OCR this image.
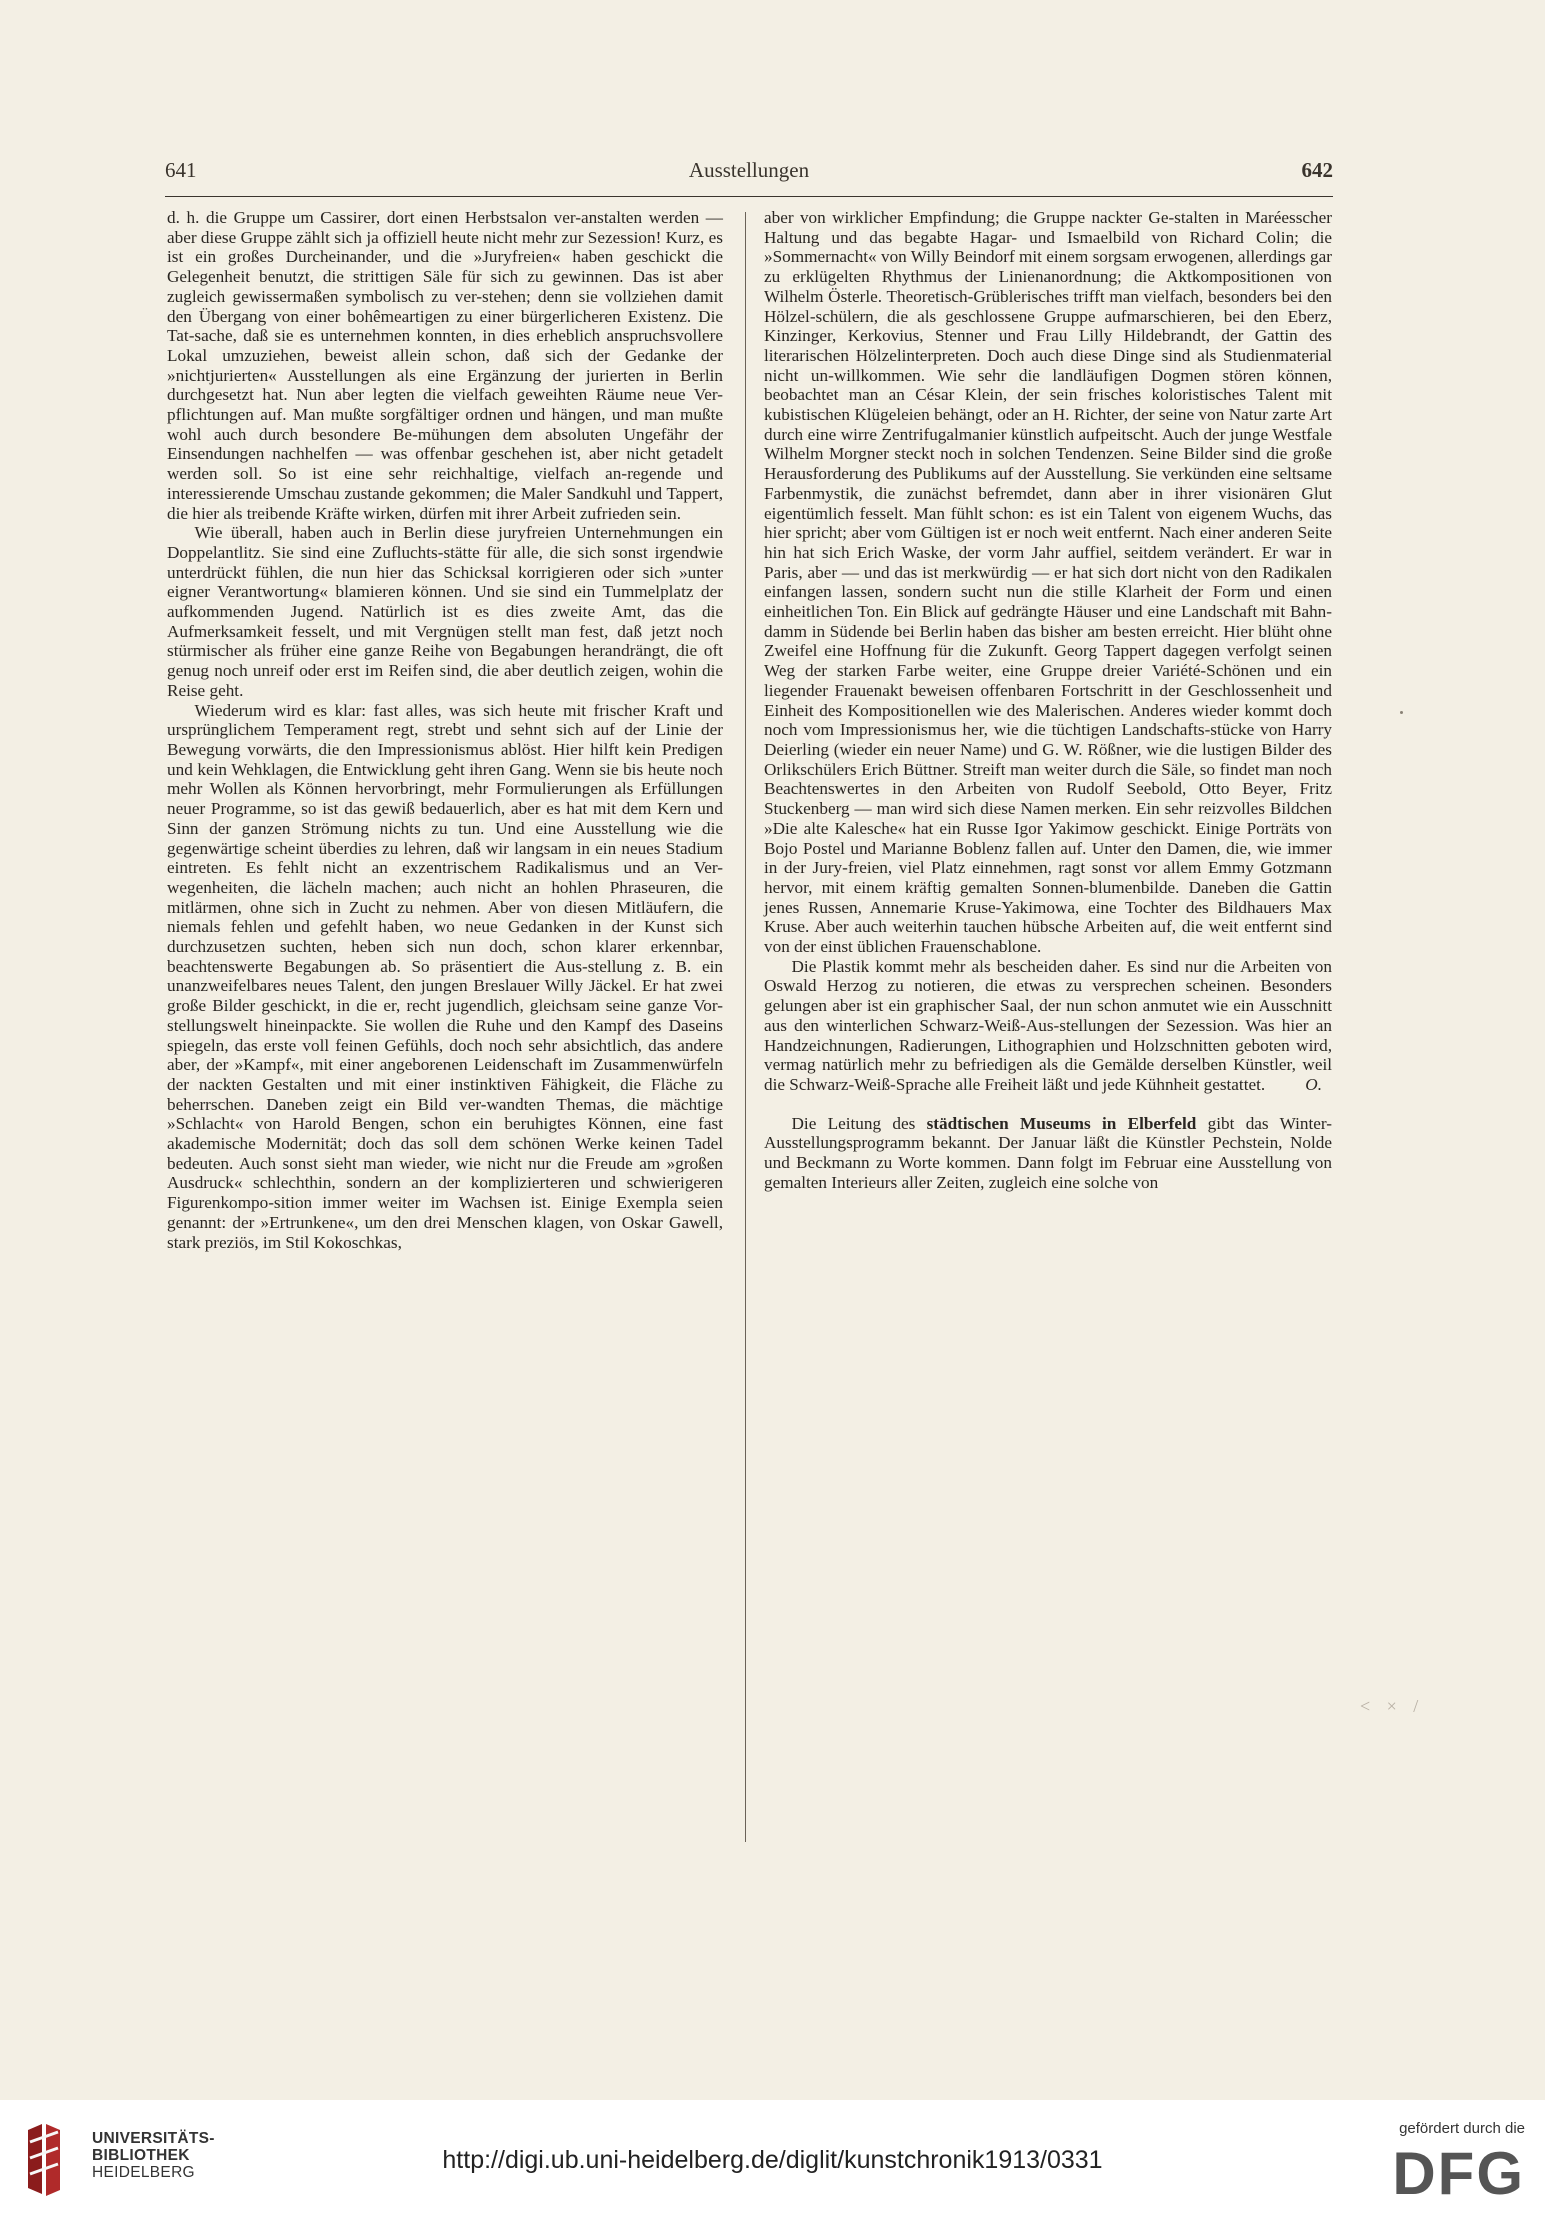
641	Ausstellungen	642

d. h. die Gruppe um Cassirer, dort einen Herbstsalon ver-anstalten werden — aber diese Gruppe zählt sich ja offiziell heute nicht mehr zur Sezession! Kurz, es ist ein großes Durcheinander, und die »Juryfreien« haben geschickt die Gelegenheit benutzt, die strittigen Säle für sich zu gewinnen. Das ist aber zugleich gewissermaßen symbolisch zu ver-stehen; denn sie vollziehen damit den Übergang von einer bohêmeartigen zu einer bürgerlicheren Existenz. Die Tat-sache, daß sie es unternehmen konnten, in dies erheblich anspruchsvollere Lokal umzuziehen, beweist allein schon, daß sich der Gedanke der »nichtjurierten« Ausstellungen als eine Ergänzung der jurierten in Berlin durchgesetzt hat. Nun aber legten die vielfach geweihten Räume neue Ver-pflichtungen auf. Man mußte sorgfältiger ordnen und hängen, und man mußte wohl auch durch besondere Be-mühungen dem absoluten Ungefähr der Einsendungen nachhelfen — was offenbar geschehen ist, aber nicht getadelt werden soll. So ist eine sehr reichhaltige, vielfach an-regende und interessierende Umschau zustande gekommen; die Maler Sandkuhl und Tappert, die hier als treibende Kräfte wirken, dürfen mit ihrer Arbeit zufrieden sein.

Wie überall, haben auch in Berlin diese juryfreien Unternehmungen ein Doppelantlitz. Sie sind eine Zufluchts-stätte für alle, die sich sonst irgendwie unterdrückt fühlen, die nun hier das Schicksal korrigieren oder sich »unter eigner Verantwortung« blamieren können. Und sie sind ein Tummelplatz der aufkommenden Jugend. Natürlich ist es dies zweite Amt, das die Aufmerksamkeit fesselt, und mit Vergnügen stellt man fest, daß jetzt noch stürmischer als früher eine ganze Reihe von Begabungen herandrängt, die oft genug noch unreif oder erst im Reifen sind, die aber deutlich zeigen, wohin die Reise geht.

Wiederum wird es klar: fast alles, was sich heute mit frischer Kraft und ursprünglichem Temperament regt, strebt und sehnt sich auf der Linie der Bewegung vorwärts, die den Impressionismus ablöst. Hier hilft kein Predigen und kein Wehklagen, die Entwicklung geht ihren Gang. Wenn sie bis heute noch mehr Wollen als Können hervorbringt, mehr Formulierungen als Erfüllungen neuer Programme, so ist das gewiß bedauerlich, aber es hat mit dem Kern und Sinn der ganzen Strömung nichts zu tun. Und eine Ausstellung wie die gegenwärtige scheint überdies zu lehren, daß wir langsam in ein neues Stadium eintreten. Es fehlt nicht an exzentrischem Radikalismus und an Ver-wegenheiten, die lächeln machen; auch nicht an hohlen Phraseuren, die mitlärmen, ohne sich in Zucht zu nehmen. Aber von diesen Mitläufern, die niemals fehlen und gefehlt haben, wo neue Gedanken in der Kunst sich durchzusetzen suchten, heben sich nun doch, schon klarer erkennbar, beachtenswerte Begabungen ab. So präsentiert die Aus-stellung z. B. ein unanzweifelbares neues Talent, den jungen Breslauer Willy Jäckel. Er hat zwei große Bilder geschickt, in die er, recht jugendlich, gleichsam seine ganze Vor-stellungswelt hineinpackte. Sie wollen die Ruhe und den Kampf des Daseins spiegeln, das erste voll feinen Gefühls, doch noch sehr absichtlich, das andere aber, der »Kampf«, mit einer angeborenen Leidenschaft im Zusammenwürfeln der nackten Gestalten und mit einer instinktiven Fähigkeit, die Fläche zu beherrschen. Daneben zeigt ein Bild ver-wandten Themas, die mächtige »Schlacht« von Harold Bengen, schon ein beruhigtes Können, eine fast akademische Modernität; doch das soll dem schönen Werke keinen Tadel bedeuten. Auch sonst sieht man wieder, wie nicht nur die Freude am »großen Ausdruck« schlechthin, sondern an der komplizierteren und schwierigeren Figurenkompo-sition immer weiter im Wachsen ist. Einige Exempla seien genannt: der »Ertrunkene«, um den drei Menschen klagen, von Oskar Gawell, stark preziös, im Stil Kokoschkas,

aber von wirklicher Empfindung; die Gruppe nackter Ge-stalten in Maréesscher Haltung und das begabte Hagar- und Ismaelbild von Richard Colin; die »Sommernacht« von Willy Beindorf mit einem sorgsam erwogenen, allerdings gar zu erklügelten Rhythmus der Linienanordnung; die Aktkompositionen von Wilhelm Österle. Theoretisch-Grüblerisches trifft man vielfach, besonders bei den Hölzel-schülern, die als geschlossene Gruppe aufmarschieren, bei den Eberz, Kinzinger, Kerkovius, Stenner und Frau Lilly Hildebrandt, der Gattin des literarischen Hölzelinterpreten. Doch auch diese Dinge sind als Studienmaterial nicht un-willkommen. Wie sehr die landläufigen Dogmen stören können, beobachtet man an César Klein, der sein frisches koloristisches Talent mit kubistischen Klügeleien behängt, oder an H. Richter, der seine von Natur zarte Art durch eine wirre Zentrifugalmanier künstlich aufpeitscht. Auch der junge Westfale Wilhelm Morgner steckt noch in solchen Tendenzen. Seine Bilder sind die große Herausforderung des Publikums auf der Ausstellung. Sie verkünden eine seltsame Farbenmystik, die zunächst befremdet, dann aber in ihrer visionären Glut eigentümlich fesselt. Man fühlt schon: es ist ein Talent von eigenem Wuchs, das hier spricht; aber vom Gültigen ist er noch weit entfernt. Nach einer anderen Seite hin hat sich Erich Waske, der vorm Jahr auffiel, seitdem verändert. Er war in Paris, aber — und das ist merkwürdig — er hat sich dort nicht von den Radikalen einfangen lassen, sondern sucht nun die stille Klarheit der Form und einen einheitlichen Ton. Ein Blick auf gedrängte Häuser und eine Landschaft mit Bahn-damm in Südende bei Berlin haben das bisher am besten erreicht. Hier blüht ohne Zweifel eine Hoffnung für die Zukunft. Georg Tappert dagegen verfolgt seinen Weg der starken Farbe weiter, eine Gruppe dreier Variété-Schönen und ein liegender Frauenakt beweisen offenbaren Fortschritt in der Geschlossenheit und Einheit des Kompositionellen wie des Malerischen. Anderes wieder kommt doch noch vom Impressionismus her, wie die tüchtigen Landschafts-stücke von Harry Deierling (wieder ein neuer Name) und G. W. Rößner, wie die lustigen Bilder des Orlikschülers Erich Büttner. Streift man weiter durch die Säle, so findet man noch Beachtenswertes in den Arbeiten von Rudolf Seebold, Otto Beyer, Fritz Stuckenberg — man wird sich diese Namen merken. Ein sehr reizvolles Bildchen »Die alte Kalesche« hat ein Russe Igor Yakimow geschickt. Einige Porträts von Bojo Postel und Marianne Boblenz fallen auf. Unter den Damen, die, wie immer in der Jury-freien, viel Platz einnehmen, ragt sonst vor allem Emmy Gotzmann hervor, mit einem kräftig gemalten Sonnen-blumenbilde. Daneben die Gattin jenes Russen, Annemarie Kruse-Yakimowa, eine Tochter des Bildhauers Max Kruse. Aber auch weiterhin tauchen hübsche Arbeiten auf, die weit entfernt sind von der einst üblichen Frauenschablone.

Die Plastik kommt mehr als bescheiden daher. Es sind nur die Arbeiten von Oswald Herzog zu notieren, die etwas zu versprechen scheinen. Besonders gelungen aber ist ein graphischer Saal, der nun schon anmutet wie ein Ausschnitt aus den winterlichen Schwarz-Weiß-Aus-stellungen der Sezession. Was hier an Handzeichnungen, Radierungen, Lithographien und Holzschnitten geboten wird, vermag natürlich mehr zu befriedigen als die Gemälde derselben Künstler, weil die Schwarz-Weiß-Sprache alle Freiheit läßt und jede Kühnheit gestattet.	O.

Die Leitung des städtischen Museums in Elberfeld gibt das Winter-Ausstellungsprogramm bekannt. Der Januar läßt die Künstler Pechstein, Nolde und Beckmann zu Worte kommen. Dann folgt im Februar eine Ausstellung von gemalten Interieurs aller Zeiten, zugleich eine solche von

< × /
UNIVERSITÄTS-
BIBLIOTHEK
HEIDELBERG	http://digi.ub.uni-heidelberg.de/diglit/kunstchronik1913/0331
gefördert durch die
DFG
